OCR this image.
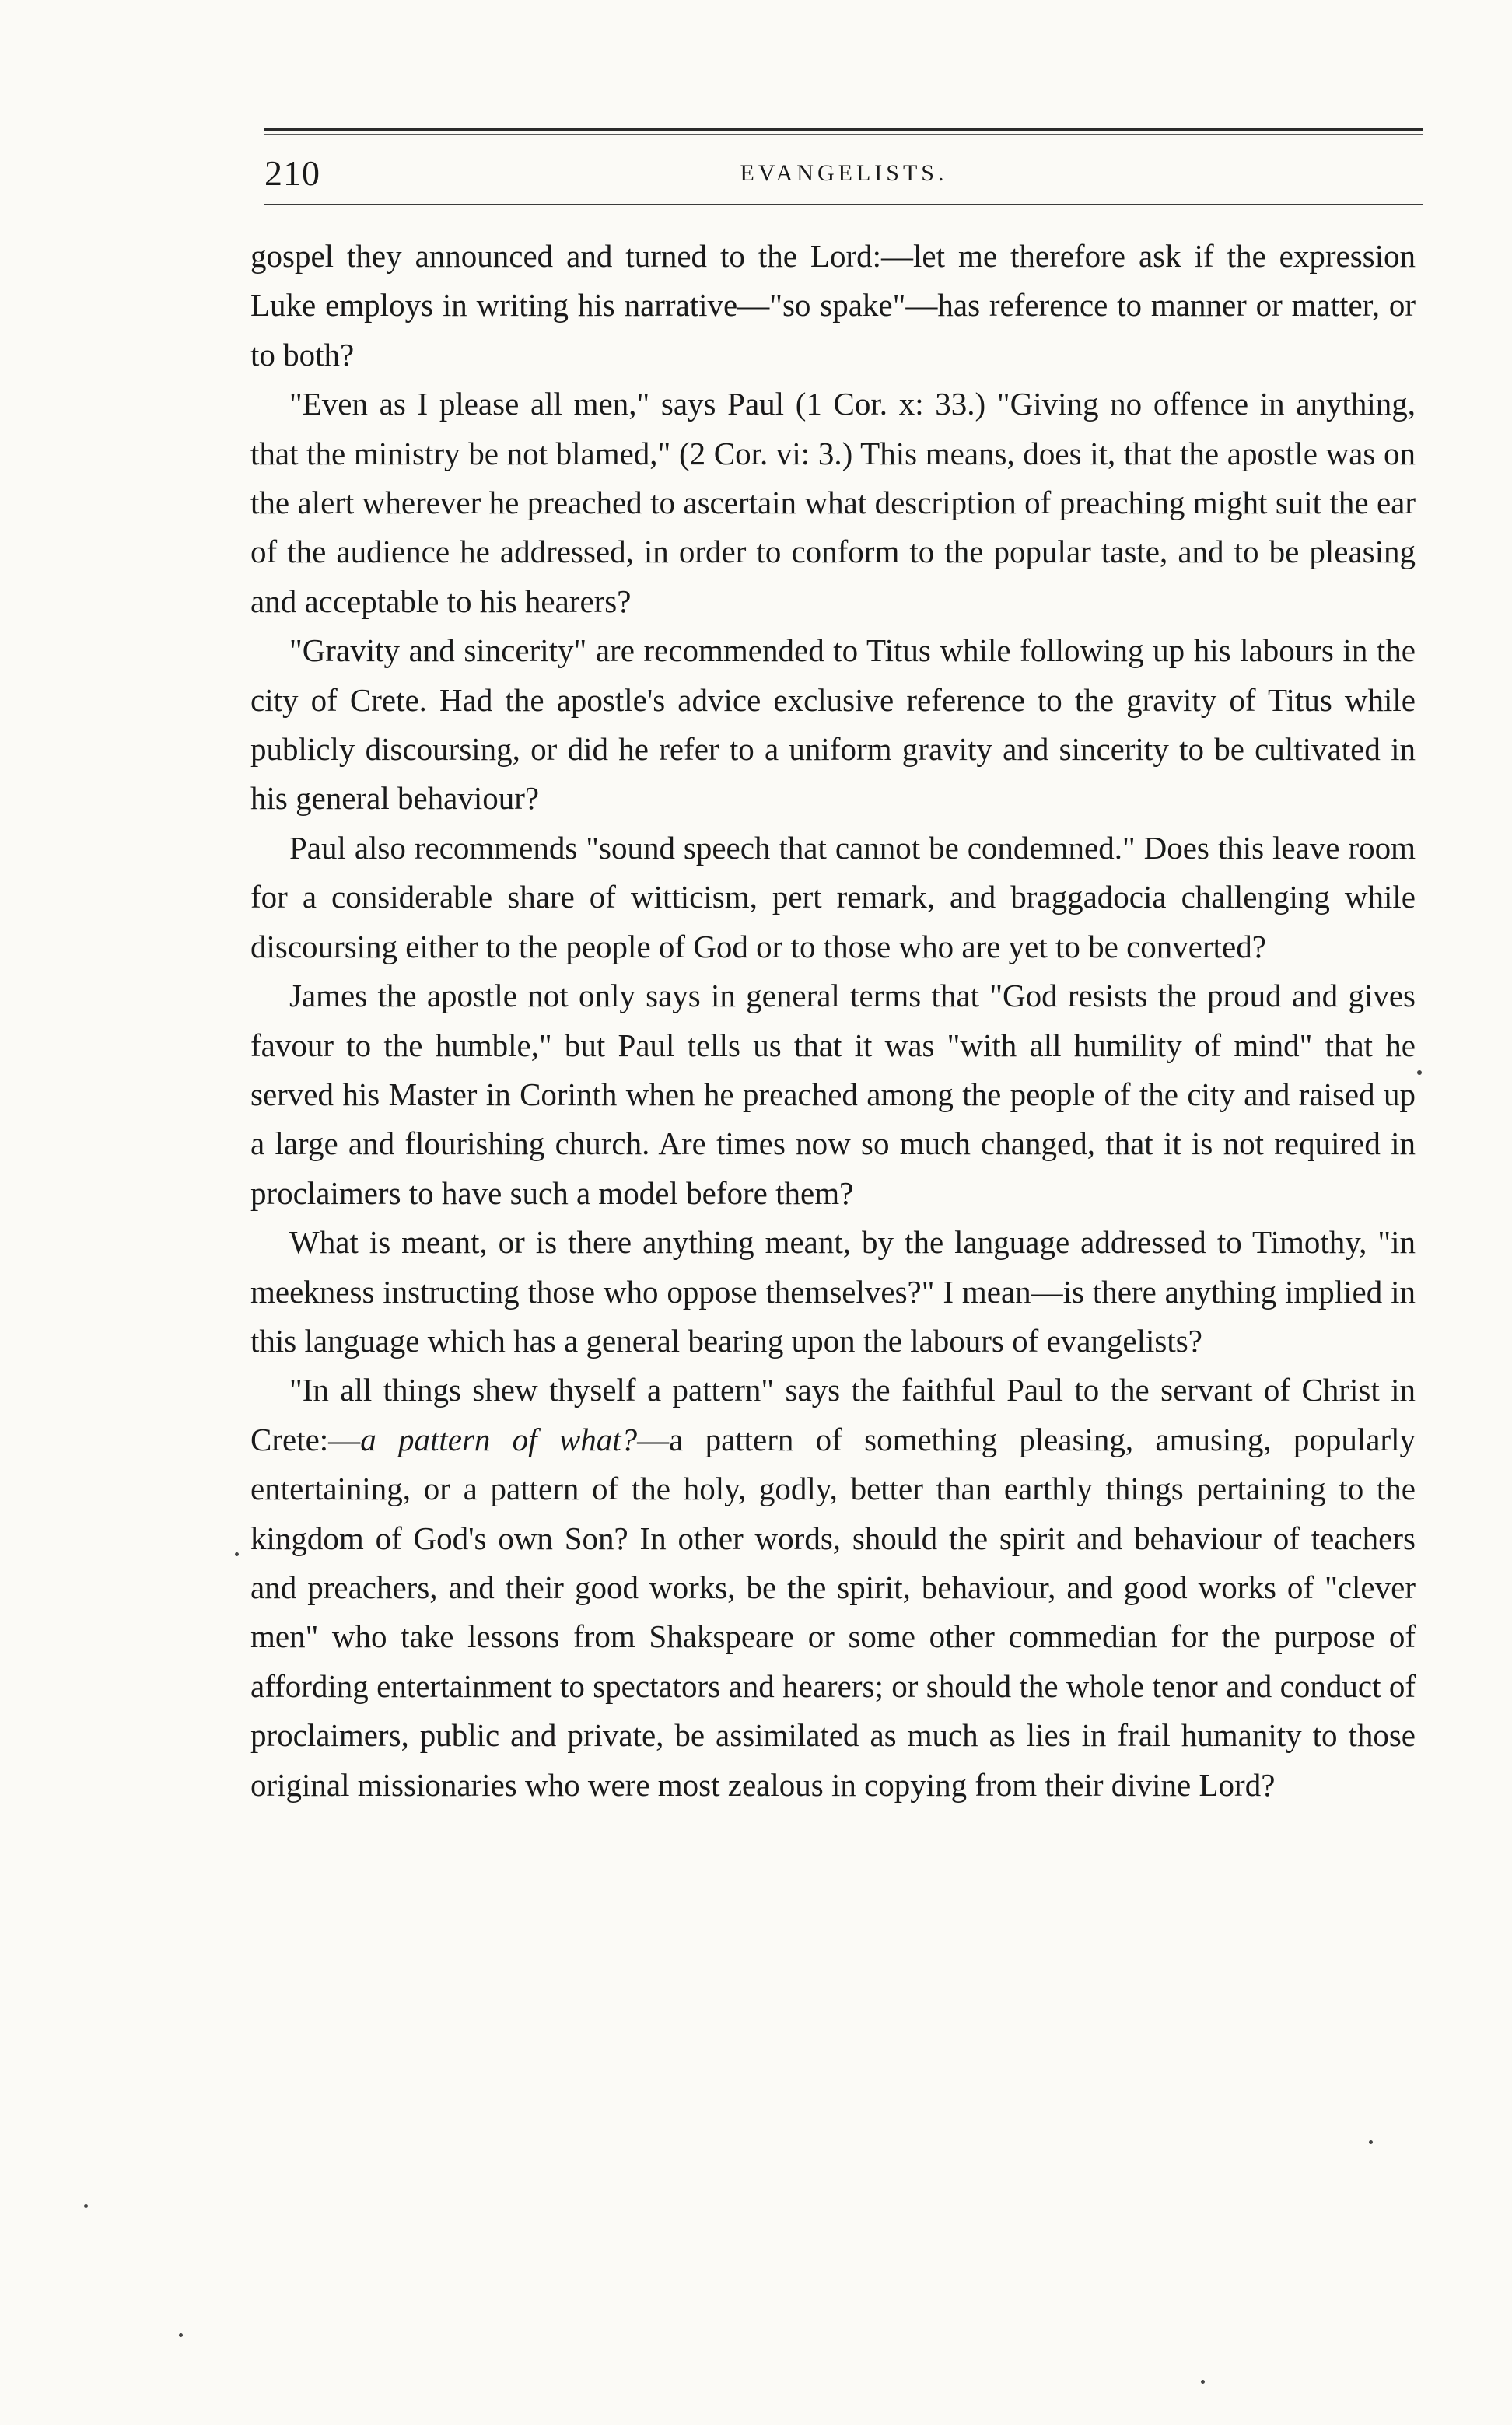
210	EVANGELISTS.

gospel they announced and turned to the Lord:—let me therefore ask if the expression Luke employs in writing his narrative—"so spake"—has reference to manner or matter, or to both?

"Even as I please all men," says Paul (1 Cor. x: 33.) "Giving no offence in anything, that the ministry be not blamed," (2 Cor. vi: 3.) This means, does it, that the apostle was on the alert wherever he preached to ascertain what description of preaching might suit the ear of the audience he addressed, in order to conform to the popular taste, and to be pleasing and acceptable to his hearers?

"Gravity and sincerity" are recommended to Titus while following up his labours in the city of Crete. Had the apostle's advice exclusive reference to the gravity of Titus while publicly discoursing, or did he refer to a uniform gravity and sincerity to be cultivated in his general behaviour?

Paul also recommends "sound speech that cannot be condemned." Does this leave room for a considerable share of witticism, pert remark, and braggadocia challenging while discoursing either to the people of God or to those who are yet to be converted?

James the apostle not only says in general terms that "God resists the proud and gives favour to the humble," but Paul tells us that it was "with all humility of mind" that he served his Master in Corinth when he preached among the people of the city and raised up a large and flourishing church. Are times now so much changed, that it is not required in proclaimers to have such a model before them?

What is meant, or is there anything meant, by the language addressed to Timothy, "in meekness instructing those who oppose themselves?" I mean—is there anything implied in this language which has a general bearing upon the labours of evangelists?

"In all things shew thyself a pattern" says the faithful Paul to the servant of Christ in Crete:—a pattern of what?—a pattern of something pleasing, amusing, popularly entertaining, or a pattern of the holy, godly, better than earthly things pertaining to the kingdom of God's own Son? In other words, should the spirit and behaviour of teachers and preachers, and their good works, be the spirit, behaviour, and good works of "clever men" who take lessons from Shakspeare or some other commedian for the purpose of affording entertainment to spectators and hearers; or should the whole tenor and conduct of proclaimers, public and private, be assimilated as much as lies in frail humanity to those original missionaries who were most zealous in copying from their divine Lord?
